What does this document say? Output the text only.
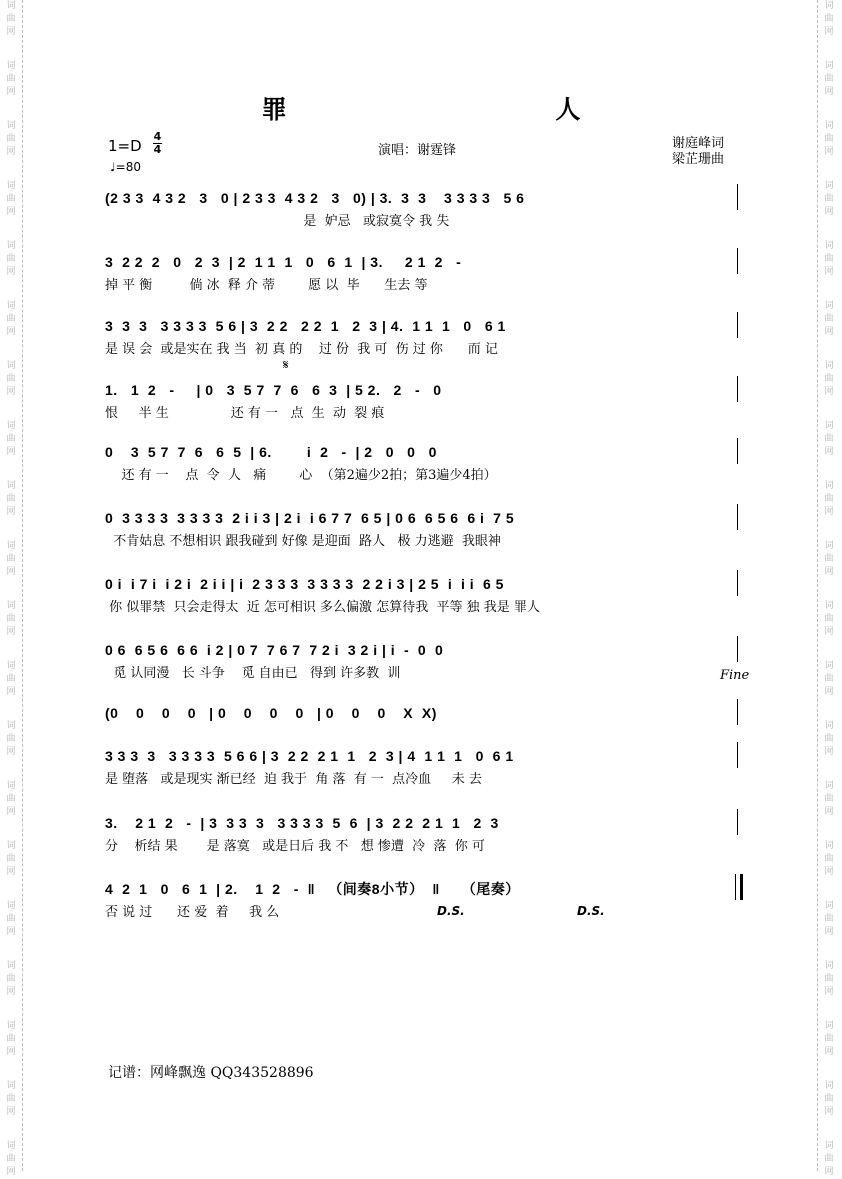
词
曲
网
词
曲
网
词
曲
网
词
曲
网
词
曲
网
词
曲
网
词
曲
网
词
曲
网
词
曲
网
词
曲
网
词
曲
网
词
曲
网
词
曲
网
词
曲
网
词
曲
网
词
曲
网
词
曲
网
词
曲
网
词
曲
网
词
曲
网
词
曲
网
词
曲
网
词
曲
网
词
曲
网
词
曲
网
词
曲
网
词
曲
网
词
曲
网
词
曲
网
词
曲
网
词
曲
网
词
曲
网
词
曲
网
词
曲
网
词
曲
网
词
曲
网
词
曲
网
词
曲
网
词
曲
网
词
曲
网
罪 人
1=D
4
4
♩=80
演唱：谢霆锋	谢庭峰词
梁芷珊曲
(2 3 3  4 3 2   3   0 | 2 3 3  4 3 2   3   0) | 3.  3  3    3 3 3 3   5 6
是  妒忌   或寂寞令 我 失
3  2 2  2   0   2  3  | 2  1 1  1   0   6  1  | 3.     2 1  2   -
掉 平 衡         倘 冰  释 介 蒂        愿 以  毕      生去 等
3  3  3   3 3 3 3  5 6 | 3  2 2   2 2  1   2  3 | 4.  1 1  1   0   6 1
是 误 会  或是实在 我 当  初 真 的    过 份  我 可  伤 过 你      而 记
1.   1  2   -     | 0   3  5 7  7  6   6  3  | 5 2.   2   -   0
恨     半 生               还 有 一   点  生  动  裂 痕
0    3  5 7  7  6   6  5  | 6.        i  2   -  | 2   0   0   0
还 有 一    点  令  人   痛        心  （第2遍少2拍；第3遍少4拍）
0  3 3 3 3  3 3 3 3  2 i i 3 | 2 i  i 6 7 7  6 5 | 0 6  6 5 6  6 i  7 5
不肯姑息 不想相识 跟我碰到 好像 是迎面  路人   极 力逃避  我眼神
0 i  i 7 i  i 2 i  2 i i | i  2 3 3 3  3 3 3 3  2 2 i 3 | 2 5  i  i i  6 5
你 似罪禁  只会走得太  近 怎可相识 多么偏激 怎算待我  平等 独 我是 罪人
0 6  6 5 6  6 6  i 2 | 0 7  7 6 7  7 2 i  3 2 i | i  -  0  0
觅 认同漫   长 斗争    觅 自由已   得到 许多教  训
(0    0    0    0   | 0    0    0    0   | 0    0    0    X  X)
3 3 3  3   3 3 3 3  5 6 6 | 3  2 2  2 1  1   2  3 | 4  1 1  1   0  6 1
是 堕落   或是现实 渐已经  迫 我于  角 落  有 一  点冷血     未 去
3.    2 1  2   -  | 3  3 3  3   3 3 3 3  5  6  | 3  2 2  2 1  1   2  3
分    析结 果       是 落寞   或是日后 我 不   想 惨遭  冷  落  你 可
4  2  1   0   6  1  | 2.    1  2   -  ‖   （间奏8小节）  ‖     （尾奏）
否 说 过      还 爱  着     我 么
𝄋
Fine
D.S.	D.S.
记谱：网峰飘逸 QQ343528896
